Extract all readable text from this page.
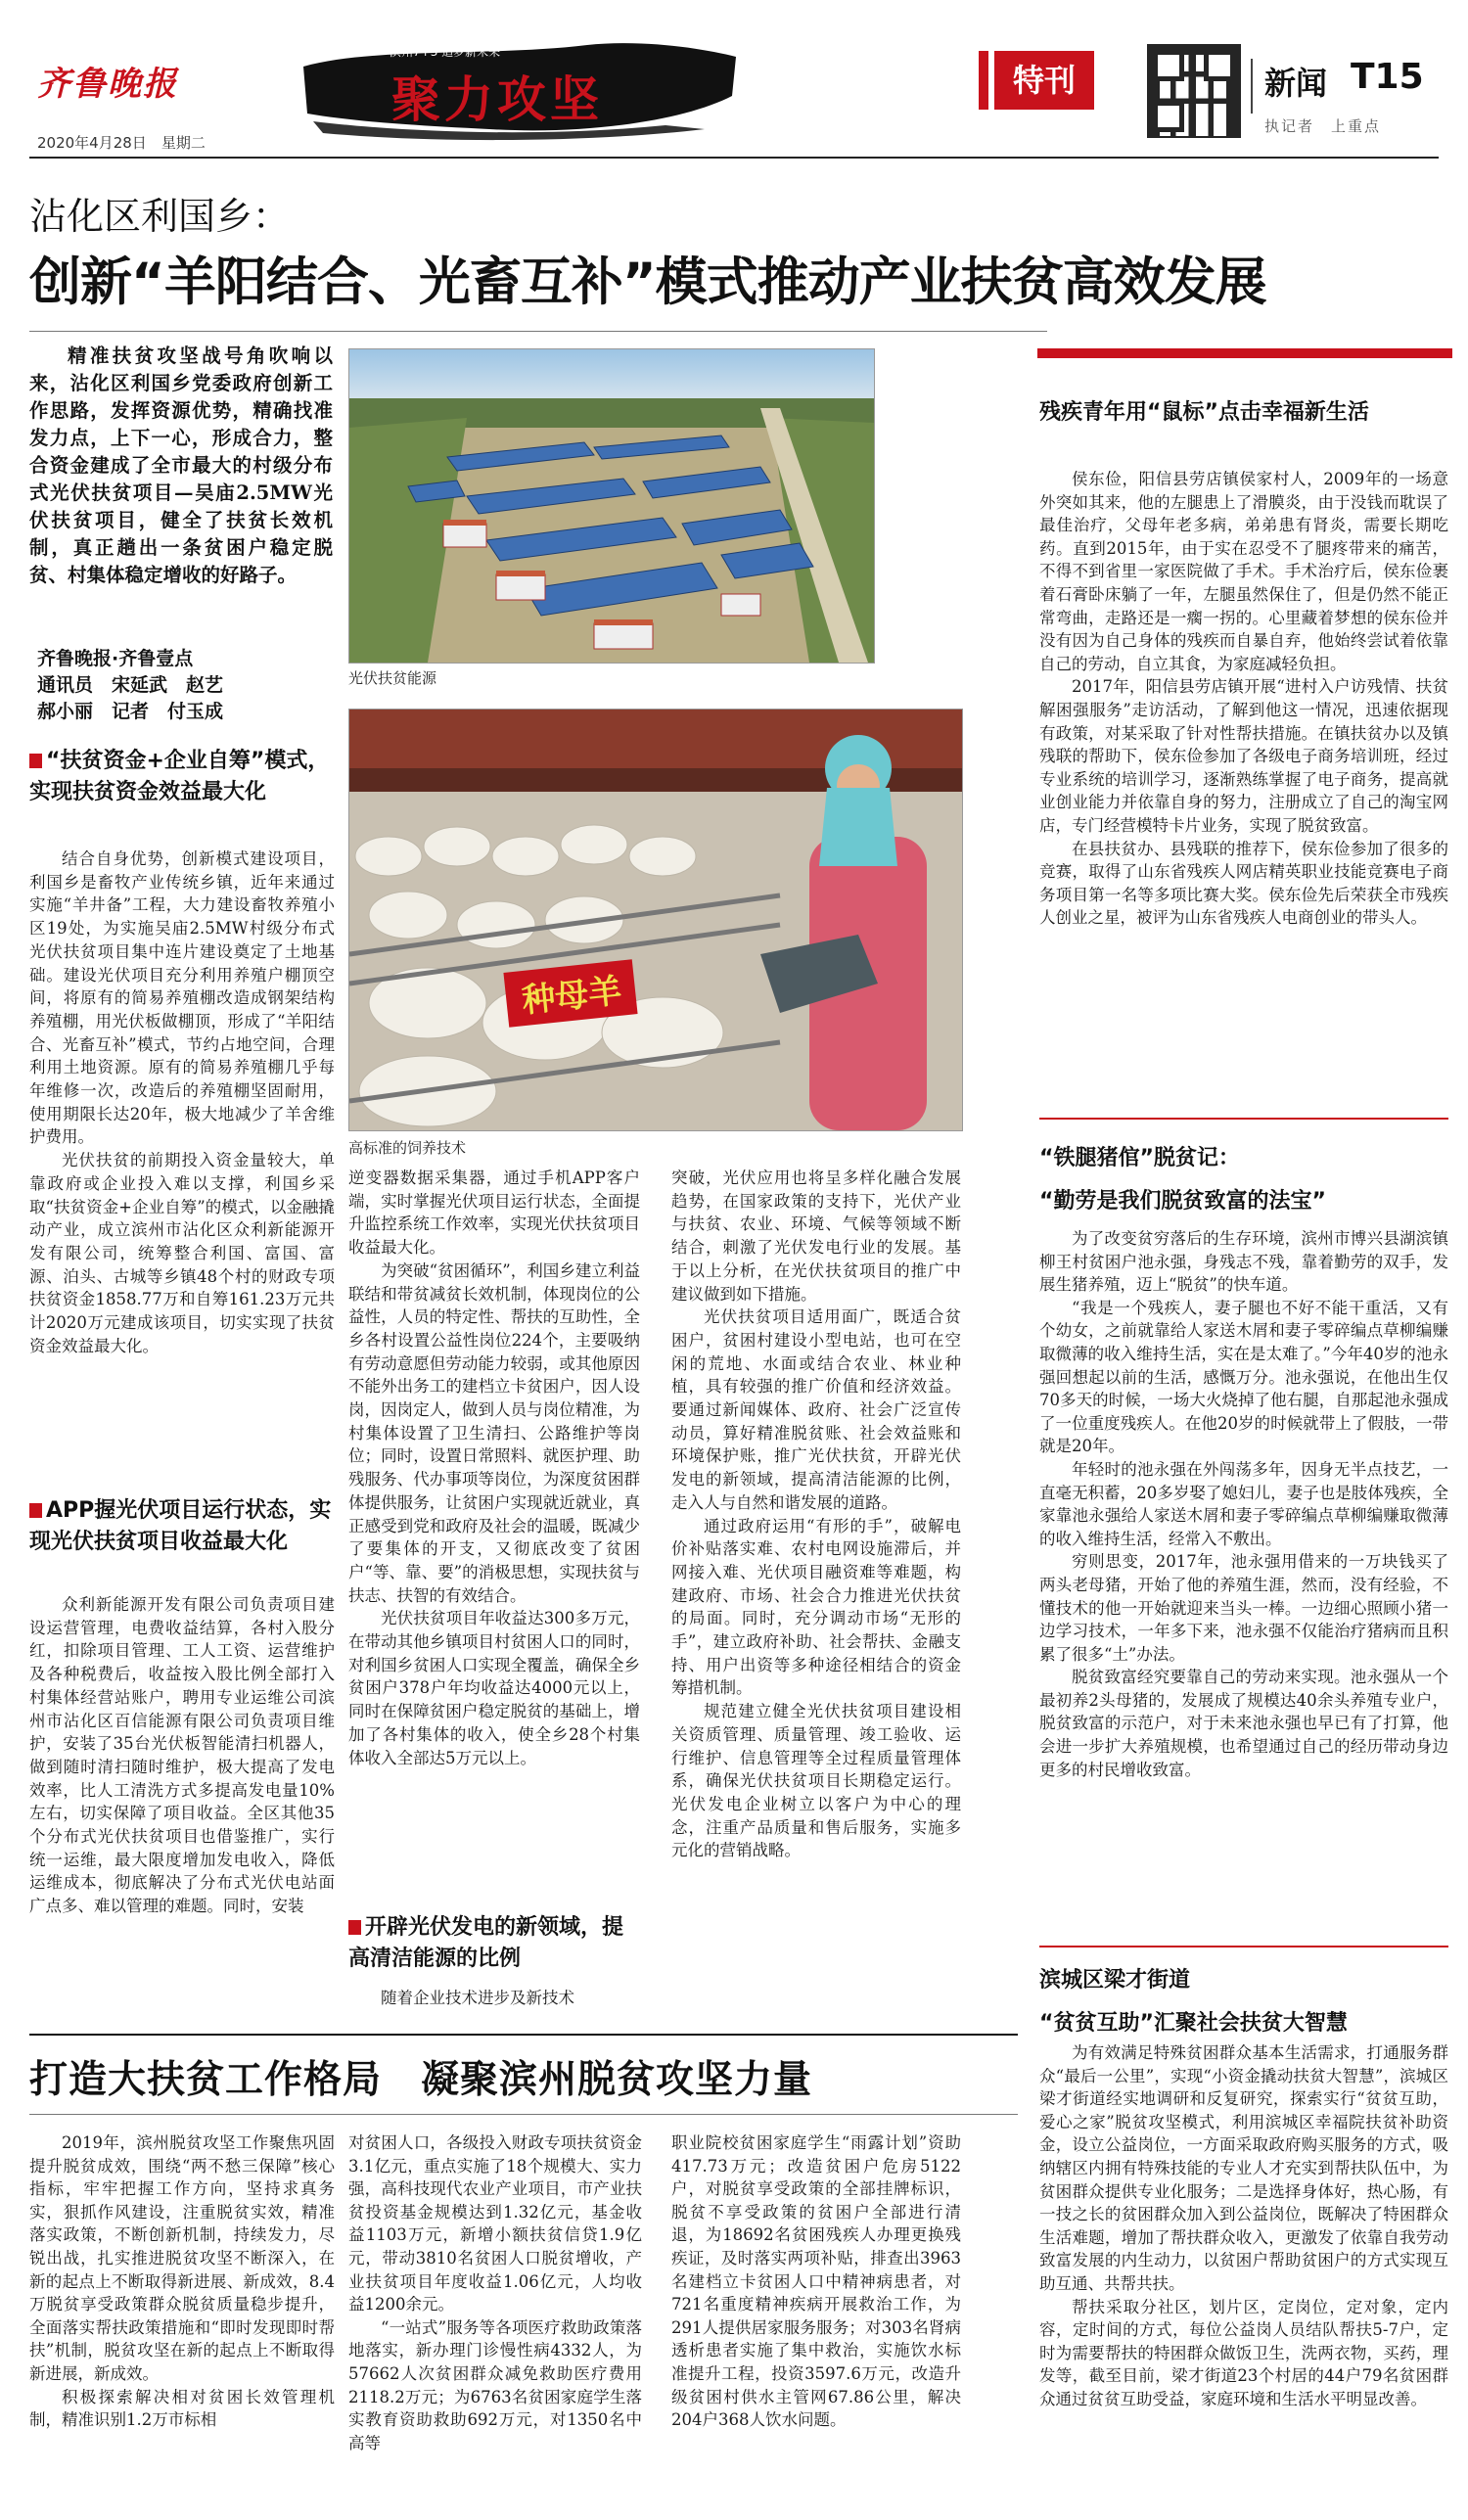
齐鲁晚报
2020年4月28日　 星期二
滨州7+3 追梦新未来
聚力攻坚	特刊	新闻 T15
执记者　上重点
沾化区利国乡：
创新“羊阳结合、光畜互补”模式推动产业扶贫高效发展

精准扶贫攻坚战号角吹响以来，沾化区利国乡党委政府创新工作思路，发挥资源优势，精确找准发力点，上下一心，形成合力，整合资金建成了全市最大的村级分布式光伏扶贫项目—吴庙2.5MW光伏扶贫项目，健全了扶贫长效机制，真正趟出一条贫困户稳定脱贫、村集体稳定增收的好路子。

齐鲁晚报·齐鲁壹点
通讯员　宋延武　赵艺
郝小丽　记者　付玉成
“扶贫资金+企业自筹”模式，实现扶贫资金效益最大化

结合自身优势，创新模式建设项目，利国乡是畜牧产业传统乡镇，近年来通过实施“羊井备”工程，大力建设畜牧养殖小区19处，为实施吴庙2.5MW村级分布式光伏扶贫项目集中连片建设奠定了土地基础。建设光伏项目充分利用养殖户棚顶空间，将原有的简易养殖棚改造成钢架结构养殖棚，用光伏板做棚顶，形成了“羊阳结合、光畜互补”模式，节约占地空间，合理利用土地资源。原有的简易养殖棚几乎每年维修一次，改造后的养殖棚坚固耐用，使用期限长达20年，极大地减少了羊舍维护费用。

光伏扶贫的前期投入资金量较大，单靠政府或企业投入难以支撑，利国乡采取“扶贫资金+企业自筹”的模式，以金融撬动产业，成立滨州市沾化区众利新能源开发有限公司，统筹整合利国、富国、富源、泊头、古城等乡镇48个村的财政专项扶贫资金1858.77万和自筹161.23万元共计2020万元建成该项目，切实实现了扶贫资金效益最大化。

APP握光伏项目运行状态，实现光伏扶贫项目收益最大化

众利新能源开发有限公司负责项目建设运营管理，电费收益结算，各村入股分红，扣除项目管理、工人工资、运营维护及各种税费后，收益按入股比例全部打入村集体经营站账户，聘用专业运维公司滨州市沾化区百信能源有限公司负责项目维护，安装了35台光伏板智能清扫机器人，做到随时清扫随时维护，极大提高了发电效率，比人工清洗方式多提高发电量10%左右，切实保障了项目收益。全区其他35个分布式光伏扶贫项目也借鉴推广，实行统一运维，最大限度增加发电收入，降低运维成本，彻底解决了分布式光伏电站面广点多、难以管理的难题。同时，安装

光伏扶贫能源
种母羊
高标准的饲养技术

逆变器数据采集器，通过手机APP客户端，实时掌握光伏项目运行状态，全面提升监控系统工作效率，实现光伏扶贫项目收益最大化。

为突破“贫困循环”，利国乡建立利益联结和带贫减贫长效机制，体现岗位的公益性，人员的特定性、帮扶的互助性，全乡各村设置公益性岗位224个，主要吸纳有劳动意愿但劳动能力较弱，或其他原因不能外出务工的建档立卡贫困户，因人设岗，因岗定人，做到人员与岗位精准，为村集体设置了卫生清扫、公路维护等岗位；同时，设置日常照料、就医护理、助残服务、代办事项等岗位，为深度贫困群体提供服务，让贫困户实现就近就业，真正感受到党和政府及社会的温暖，既减少了要集体的开支，又彻底改变了贫困户“等、靠、要”的消极思想，实现扶贫与扶志、扶智的有效结合。

光伏扶贫项目年收益达300多万元，在带动其他乡镇项目村贫困人口的同时，对利国乡贫困人口实现全覆盖，确保全乡贫困户378户年均收益达4000元以上，同时在保障贫困户稳定脱贫的基础上，增加了各村集体的收入，使全乡28个村集体收入全部达5万元以上。

开辟光伏发电的新领域，提高清洁能源的比例

随着企业技术进步及新技术

突破，光伏应用也将呈多样化融合发展趋势，在国家政策的支持下，光伏产业与扶贫、农业、环境、气候等领域不断结合，刺激了光伏发电行业的发展。基于以上分析，在光伏扶贫项目的推广中建议做到如下措施。

光伏扶贫项目适用面广，既适合贫困户，贫困村建设小型电站，也可在空闲的荒地、水面或结合农业、林业种植，具有较强的推广价值和经济效益。要通过新闻媒体、政府、社会广泛宣传动员，算好精准脱贫账、社会效益账和环境保护账，推广光伏扶贫，开辟光伏发电的新领域，提高清洁能源的比例，走入人与自然和谐发展的道路。

通过政府运用“有形的手”，破解电价补贴落实难、农村电网设施滞后，并网接入难、光伏项目融资难等难题，构建政府、市场、社会合力推进光伏扶贫的局面。同时，充分调动市场“无形的手”，建立政府补助、社会帮扶、金融支持、用户出资等多种途径相结合的资金筹措机制。

规范建立健全光伏扶贫项目建设相关资质管理、质量管理、竣工验收、运行维护、信息管理等全过程质量管理体系，确保光伏扶贫项目长期稳定运行。光伏发电企业树立以客户为中心的理念，注重产品质量和售后服务，实施多元化的营销战略。

残疾青年用“鼠标”点击幸福新生活

侯东俭，阳信县劳店镇侯家村人，2009年的一场意外突如其来，他的左腿患上了滑膜炎，由于没钱而耽误了最佳治疗，父母年老多病，弟弟患有肾炎，需要长期吃药。直到2015年，由于实在忍受不了腿疼带来的痛苦，不得不到省里一家医院做了手术。手术治疗后，侯东俭裹着石膏卧床躺了一年，左腿虽然保住了，但是仍然不能正常弯曲，走路还是一瘸一拐的。心里藏着梦想的侯东俭并没有因为自己身体的残疾而自暴自弃，他始终尝试着依靠自己的劳动，自立其食，为家庭减轻负担。

2017年，阳信县劳店镇开展“进村入户访残情、扶贫解困强服务”走访活动，了解到他这一情况，迅速依据现有政策，对某采取了针对性帮扶措施。在镇扶贫办以及镇残联的帮助下，侯东俭参加了各级电子商务培训班，经过专业系统的培训学习，逐渐熟练掌握了电子商务，提高就业创业能力并依靠自身的努力，注册成立了自己的淘宝网店，专门经营模特卡片业务，实现了脱贫致富。

在县扶贫办、县残联的推荐下，侯东俭参加了很多的竞赛，取得了山东省残疾人网店精英职业技能竞赛电子商务项目第一名等多项比赛大奖。侯东俭先后荣获全市残疾人创业之星，被评为山东省残疾人电商创业的带头人。

“铁腿猪倌”脱贫记：
“勤劳是我们脱贫致富的法宝”

为了改变贫穷落后的生存环境，滨州市博兴县湖滨镇柳王村贫困户池永强，身残志不残，靠着勤劳的双手，发展生猪养殖，迈上“脱贫”的快车道。

“我是一个残疾人，妻子腿也不好不能干重活，又有个幼女，之前就靠给人家送木屑和妻子零碎编点草柳编赚取微薄的收入维持生活，实在是太难了。”今年40岁的池永强回想起以前的生活，感慨万分。池永强说，在他出生仅70多天的时候，一场大火烧掉了他右腿，自那起池永强成了一位重度残疾人。在他20岁的时候就带上了假肢，一带就是20年。

年轻时的池永强在外闯荡多年，因身无半点技艺，一直毫无积蓄，20多岁娶了媳妇儿，妻子也是肢体残疾，全家靠池永强给人家送木屑和妻子零碎编点草柳编赚取微薄的收入维持生活，经常入不敷出。

穷则思变，2017年，池永强用借来的一万块钱买了两头老母猪，开始了他的养殖生涯，然而，没有经验，不懂技术的他一开始就迎来当头一棒。一边细心照顾小猪一边学习技术，一年多下来，池永强不仅能治疗猪病而且积累了很多“土”办法。

脱贫致富经究要靠自己的劳动来实现。池永强从一个最初养2头母猪的，发展成了规模达40余头养殖专业户，脱贫致富的示范户，对于未来池永强也早已有了打算，他会进一步扩大养殖规模，也希望通过自己的经历带动身边更多的村民增收致富。

滨城区梁才街道
“贫贫互助”汇聚社会扶贫大智慧

为有效满足特殊贫困群众基本生活需求，打通服务群众“最后一公里”，实现“小资金撬动扶贫大智慧”，滨城区梁才街道经实地调研和反复研究，探索实行“贫贫互助，爱心之家”脱贫攻坚模式，利用滨城区幸福院扶贫补助资金，设立公益岗位，一方面采取政府购买服务的方式，吸纳辖区内拥有特殊技能的专业人才充实到帮扶队伍中，为贫困群众提供专业化服务；二是选择身体好，热心肠，有一技之长的贫困群众加入到公益岗位，既解决了特困群众生活难题，增加了帮扶群众收入，更激发了依靠自我劳动致富发展的内生动力，以贫困户帮助贫困户的方式实现互助互通、共帮共扶。

帮扶采取分社区，划片区，定岗位，定对象，定内容，定时间的方式，每位公益岗人员结队帮扶5-7户，定时为需要帮扶的特困群众做饭卫生，洗两衣物，买药，理发等，截至目前，梁才街道23个村居的44户79名贫困群众通过贫贫互助受益，家庭环境和生活水平明显改善。

打造大扶贫工作格局　凝聚滨州脱贫攻坚力量

2019年，滨州脱贫攻坚工作聚焦巩固提升脱贫成效，围绕“两不愁三保障”核心指标，牢牢把握工作方向，坚持求真务实，狠抓作风建设，注重脱贫实效，精准落实政策，不断创新机制，持续发力，尽锐出战，扎实推进脱贫攻坚不断深入，在新的起点上不断取得新进展、新成效，8.4万脱贫享受政策群众脱贫质量稳步提升，全面落实帮扶政策措施和“即时发现即时帮扶”机制，脱贫攻坚在新的起点上不断取得新进展，新成效。

积极探索解决相对贫困长效管理机制，精准识别1.2万市标相

对贫困人口，各级投入财政专项扶贫资金3.1亿元，重点实施了18个规模大、实力强，高科技现代农业产业项目，市产业扶贫投资基金规模达到1.32亿元，基金收益1103万元，新增小额扶贫信贷1.9亿元，带动3810名贫困人口脱贫增收，产业扶贫项目年度收益1.06亿元，人均收益1200余元。

“一站式”服务等各项医疗救助政策落地落实，新办理门诊慢性病4332人，为57662人次贫困群众减免救助医疗费用2118.2万元；为6763名贫困家庭学生落实教育资助救助692万元，对1350名中高等

职业院校贫困家庭学生“雨露计划”资助417.73万元；改造贫困户危房5122户，对脱贫享受政策的全部挂牌标识，脱贫不享受政策的贫困户全部进行清退，为18692名贫困残疾人办理更换残疾证，及时落实两项补贴，排查出3963名建档立卡贫困人口中精神病患者，对721名重度精神疾病开展救治工作，为291人提供居家服务服务；对303名肾病透析患者实施了集中救治，实施饮水标准提升工程，投资3597.6万元，改造升级贫困村供水主管网67.86公里，解决204户368人饮水问题。
